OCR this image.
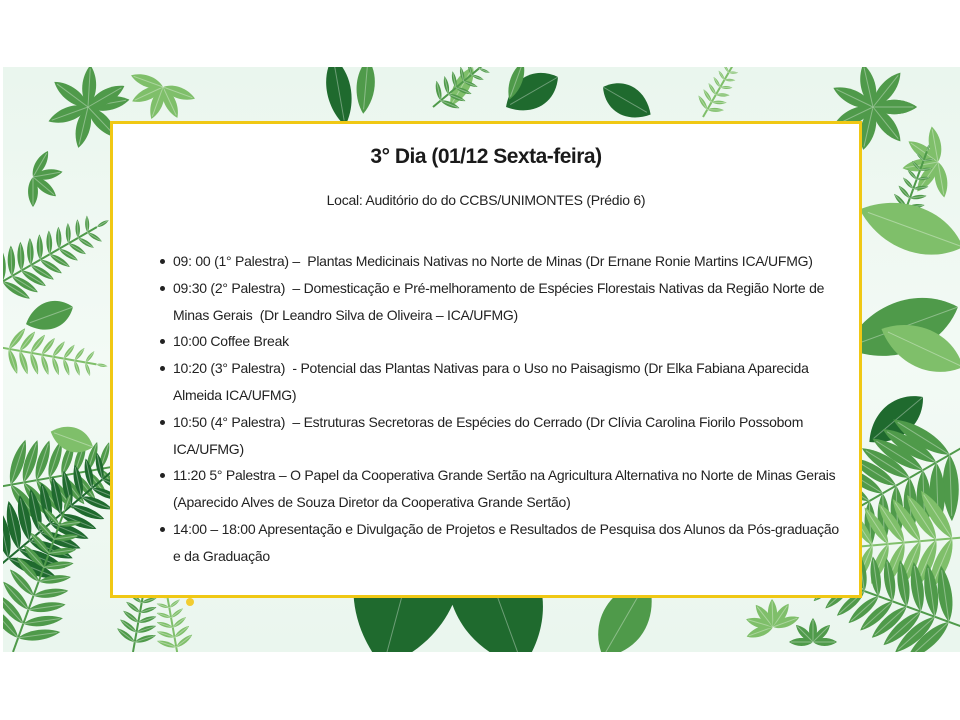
3° Dia (01/12 Sexta-feira)
Local: Auditório do do CCBS/UNIMONTES (Prédio 6)
09: 00 (1° Palestra) –  Plantas Medicinais Nativas no Norte de Minas (Dr Ernane Ronie Martins ICA/UFMG)
09:30 (2° Palestra)  – Domesticação e Pré-melhoramento de Espécies Florestais Nativas da Região Norte de Minas Gerais  (Dr Leandro Silva de Oliveira – ICA/UFMG)
10:00 Coffee Break
10:20 (3° Palestra)  - Potencial das Plantas Nativas para o Uso no Paisagismo (Dr Elka Fabiana Aparecida Almeida ICA/UFMG)
10:50 (4° Palestra)  – Estruturas Secretoras de Espécies do Cerrado (Dr Clívia Carolina Fiorilo Possobom ICA/UFMG)
11:20 5° Palestra – O Papel da Cooperativa Grande Sertão na Agricultura Alternativa no Norte de Minas Gerais  (Aparecido Alves de Souza Diretor da Cooperativa Grande Sertão)
14:00 – 18:00 Apresentação e Divulgação de Projetos e Resultados de Pesquisa dos Alunos da Pós-graduação e da Graduação
